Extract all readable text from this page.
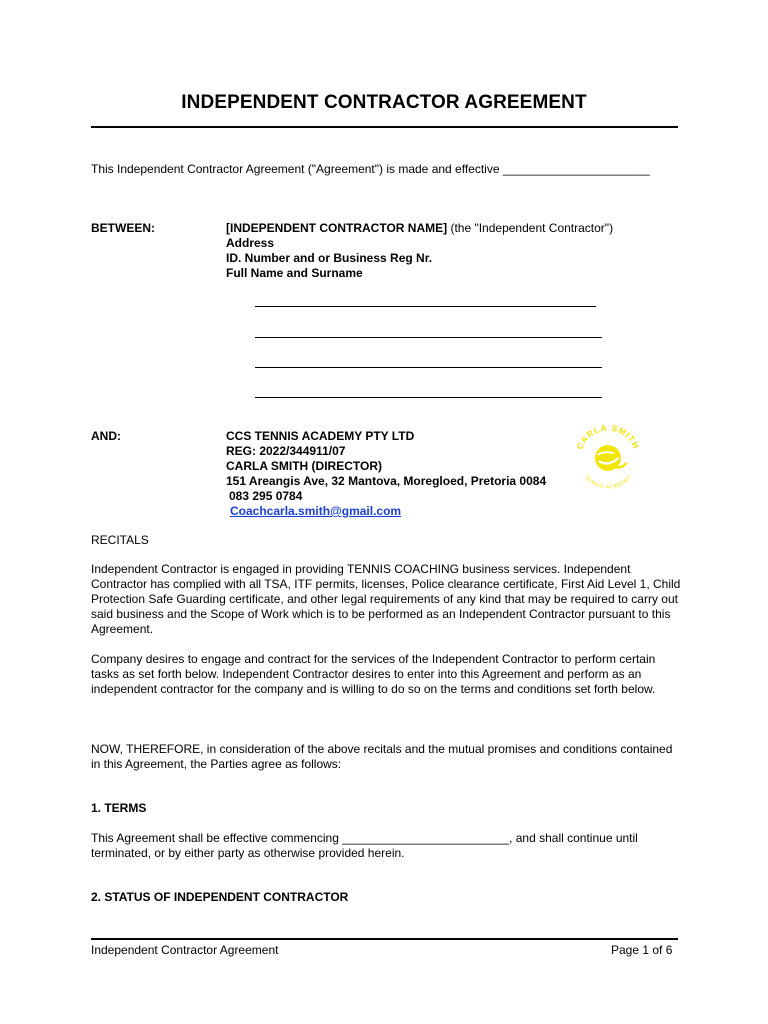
INDEPENDENT CONTRACTOR AGREEMENT
This Independent Contractor Agreement ("Agreement") is made and effective ______________________
BETWEEN:	[INDEPENDENT CONTRACTOR NAME] (the "Independent Contractor")
Address
ID. Number and or Business Reg Nr.
Full Name and Surname
AND:	CCS TENNIS ACADEMY PTY LTD
REG: 2022/344911/07
CARLA SMITH (DIRECTOR)
151 Areangis Ave, 32 Mantova, Moregloed, Pretoria 0084
083 295 0784
Coachcarla.smith@gmail.com
CARLA SMITH
TENNIS ACADEMY
RECITALS
Independent Contractor is engaged in providing TENNIS COACHING business services. Independent Contractor has complied with all TSA, ITF permits, licenses, Police clearance certificate, First Aid Level 1, Child Protection Safe Guarding certificate, and other legal requirements of any kind that may be required to carry out said business and the Scope of Work which is to be performed as an Independent Contractor pursuant to this Agreement.
Company desires to engage and contract for the services of the Independent Contractor to perform certain tasks as set forth below. Independent Contractor desires to enter into this Agreement and perform as an independent contractor for the company and is willing to do so on the terms and conditions set forth below.
NOW, THEREFORE, in consideration of the above recitals and the mutual promises and conditions contained in this Agreement, the Parties agree as follows:
1. TERMS
This Agreement shall be effective commencing _________________________, and shall continue until terminated, or by either party as otherwise provided herein.
2. STATUS OF INDEPENDENT CONTRACTOR
Independent Contractor Agreement	Page 1 of 6
